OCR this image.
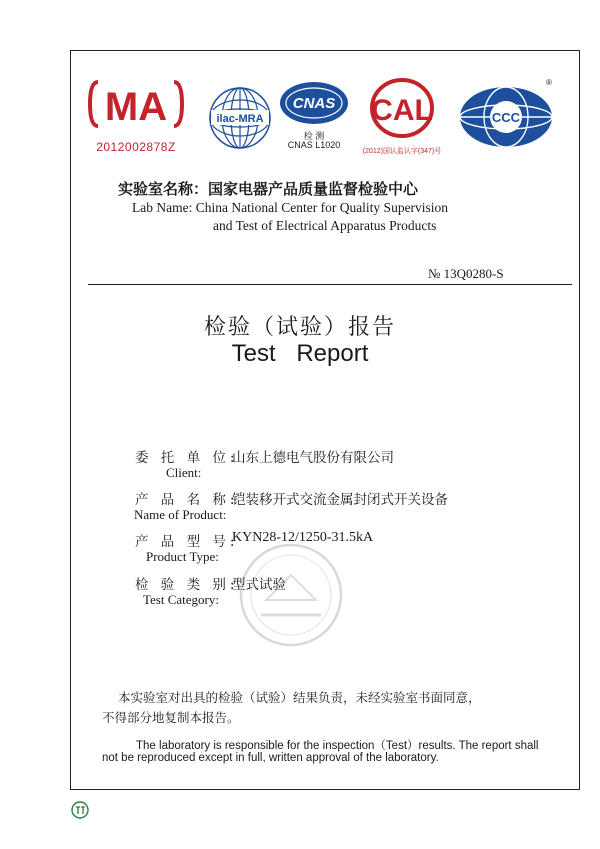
MA
2012002878Z
ilac-MRA
CNAS
检 测
CNAS L1020
CAL
(2012)国认监认字(347)号
CCC
®
实验室名称：国家电器产品质量监督检验中心
Lab Name: China National Center for Quality Supervision
and Test of Electrical Apparatus Products
№ 13Q0280-S
检验（试验）报告
Test Report
委 托 单 位:
山东上德电气股份有限公司
Client:
产 品 名 称:
铠装移开式交流金属封闭式开关设备
Name of Product:
产 品 型 号:
KYN28-12/1250-31.5kA
Product Type:
检 验 类 别:
型式试验
Test Category:
本实验室对出具的检验（试验）结果负责，未经实验室书面同意，
不得部分地复制本报告。
The laboratory is responsible for the inspection（Test）results. The report shall
not be reproduced except in full, written approval of the laboratory.
